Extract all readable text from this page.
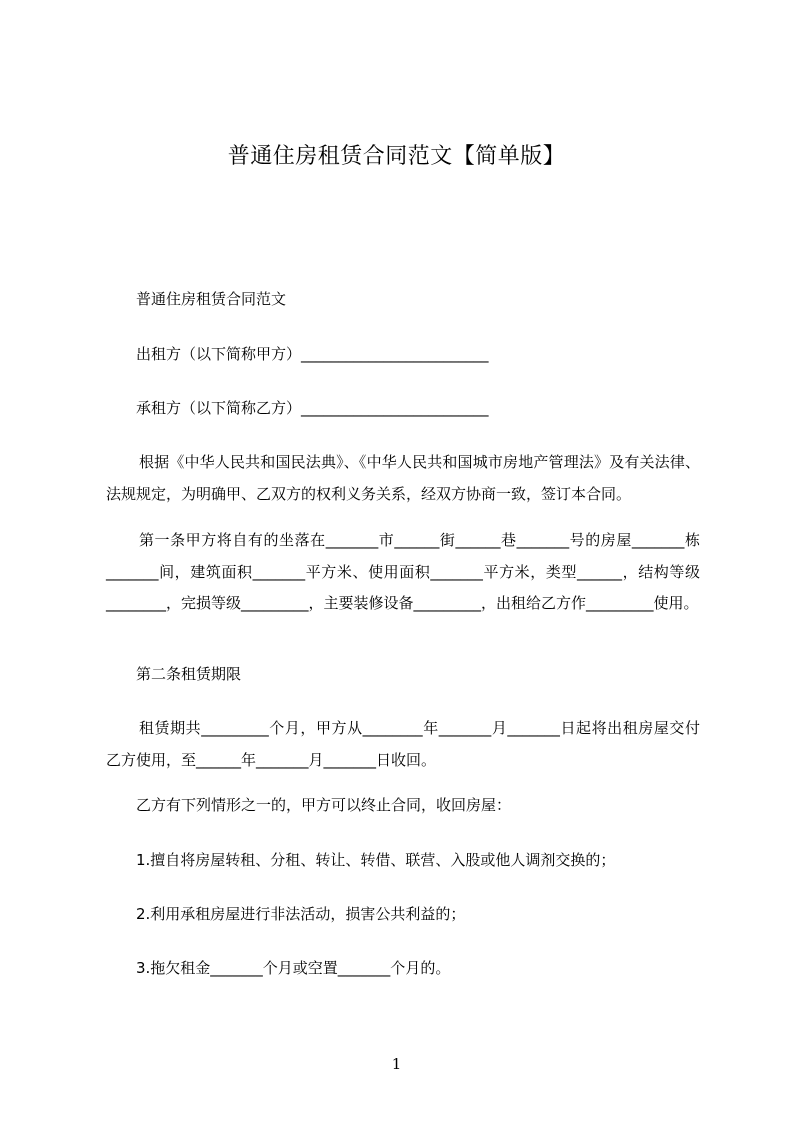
普通住房租赁合同范文【简单版】

普通住房租赁合同范文

出租方（以下简称甲方）_________________________

承租方（以下简称乙方）_________________________

根据《中华人民共和国民法典》、《中华人民共和国城市房地产管理法》及有关法律、法规规定，为明确甲、乙双方的权利义务关系，经双方协商一致，签订本合同。

第一条甲方将自有的坐落在_______市______街______巷_______号的房屋_______栋_______间，建筑面积_______平方米、使用面积_______平方米，类型______，结构等级________，完损等级_________，主要装修设备_________，出租给乙方作_________使用。

第二条租赁期限

租赁期共_________个月，甲方从________年_______月_______日起将出租房屋交付乙方使用，至______年_______月_______日收回。

乙方有下列情形之一的，甲方可以终止合同，收回房屋：

1.擅自将房屋转租、分租、转让、转借、联营、入股或他人调剂交换的；

2.利用承租房屋进行非法活动，损害公共利益的；

3.拖欠租金_______个月或空置_______个月的。

1
